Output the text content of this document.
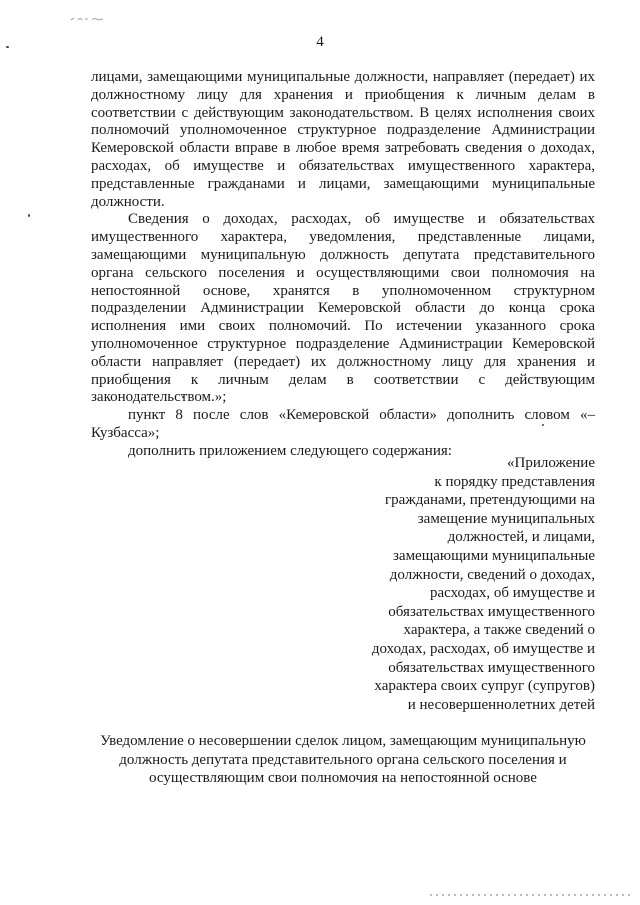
4

лицами, замещающими муниципальные должности, направляет (передает) их должностному лицу для хранения и приобщения к личным делам в соответствии с действующим законодательством. В целях исполнения своих полномочий уполномоченное структурное подразделение Администрации Кемеровской области вправе в любое время затребовать сведения о доходах, расходах, об имуществе и обязательствах имущественного характера, представленные гражданами и лицами, замещающими муниципальные должности.

Сведения о доходах, расходах, об имуществе и обязательствах имущественного характера, уведомления, представленные лицами, замещающими муниципальную должность депутата представительного органа сельского поселения и осуществляющими свои полномочия на непостоянной основе, хранятся в уполномоченном структурном подразделении Администрации Кемеровской области до конца срока исполнения ими своих полномочий. По истечении указанного срока уполномоченное структурное подразделение Администрации Кемеровской области направляет (передает) их должностному лицу для хранения и приобщения к личным делам в соответствии с действующим законодательством.»;

пункт 8 после слов «Кемеровской области» дополнить словом «– Кузбасса»;

дополнить приложением следующего содержания:

«Приложение
к порядку представления
гражданами, претендующими на
замещение муниципальных
должностей, и лицами,
замещающими муниципальные
должности, сведений о доходах,
расходах, об имуществе и
обязательствах имущественного
характера, а также сведений о
доходах, расходах, об имуществе и
обязательствах имущественного
характера своих супруг (супругов)
и несовершеннолетних детей
Уведомление о несовершении сделок лицом, замещающим муниципальную
должность депутата представительного органа сельского поселения и
осуществляющим свои полномочия на непостоянной основе
